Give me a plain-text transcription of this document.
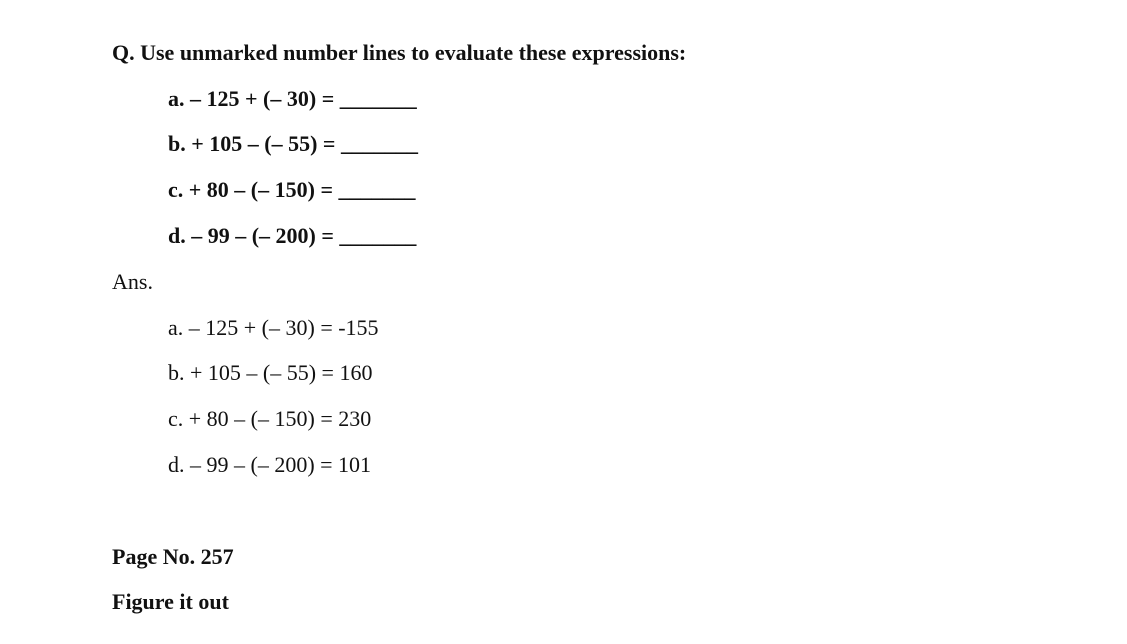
Q. Use unmarked number lines to evaluate these expressions:
a. – 125 + (– 30) = _______
b. + 105 – (– 55) = _______
c. + 80 – (– 150) = _______
d. – 99 – (– 200) = _______
Ans.
a. – 125 + (– 30) = -155
b. + 105 – (– 55) = 160
c. + 80 – (– 150) = 230
d. – 99 – (– 200) = 101
Page No. 257
Figure it out
